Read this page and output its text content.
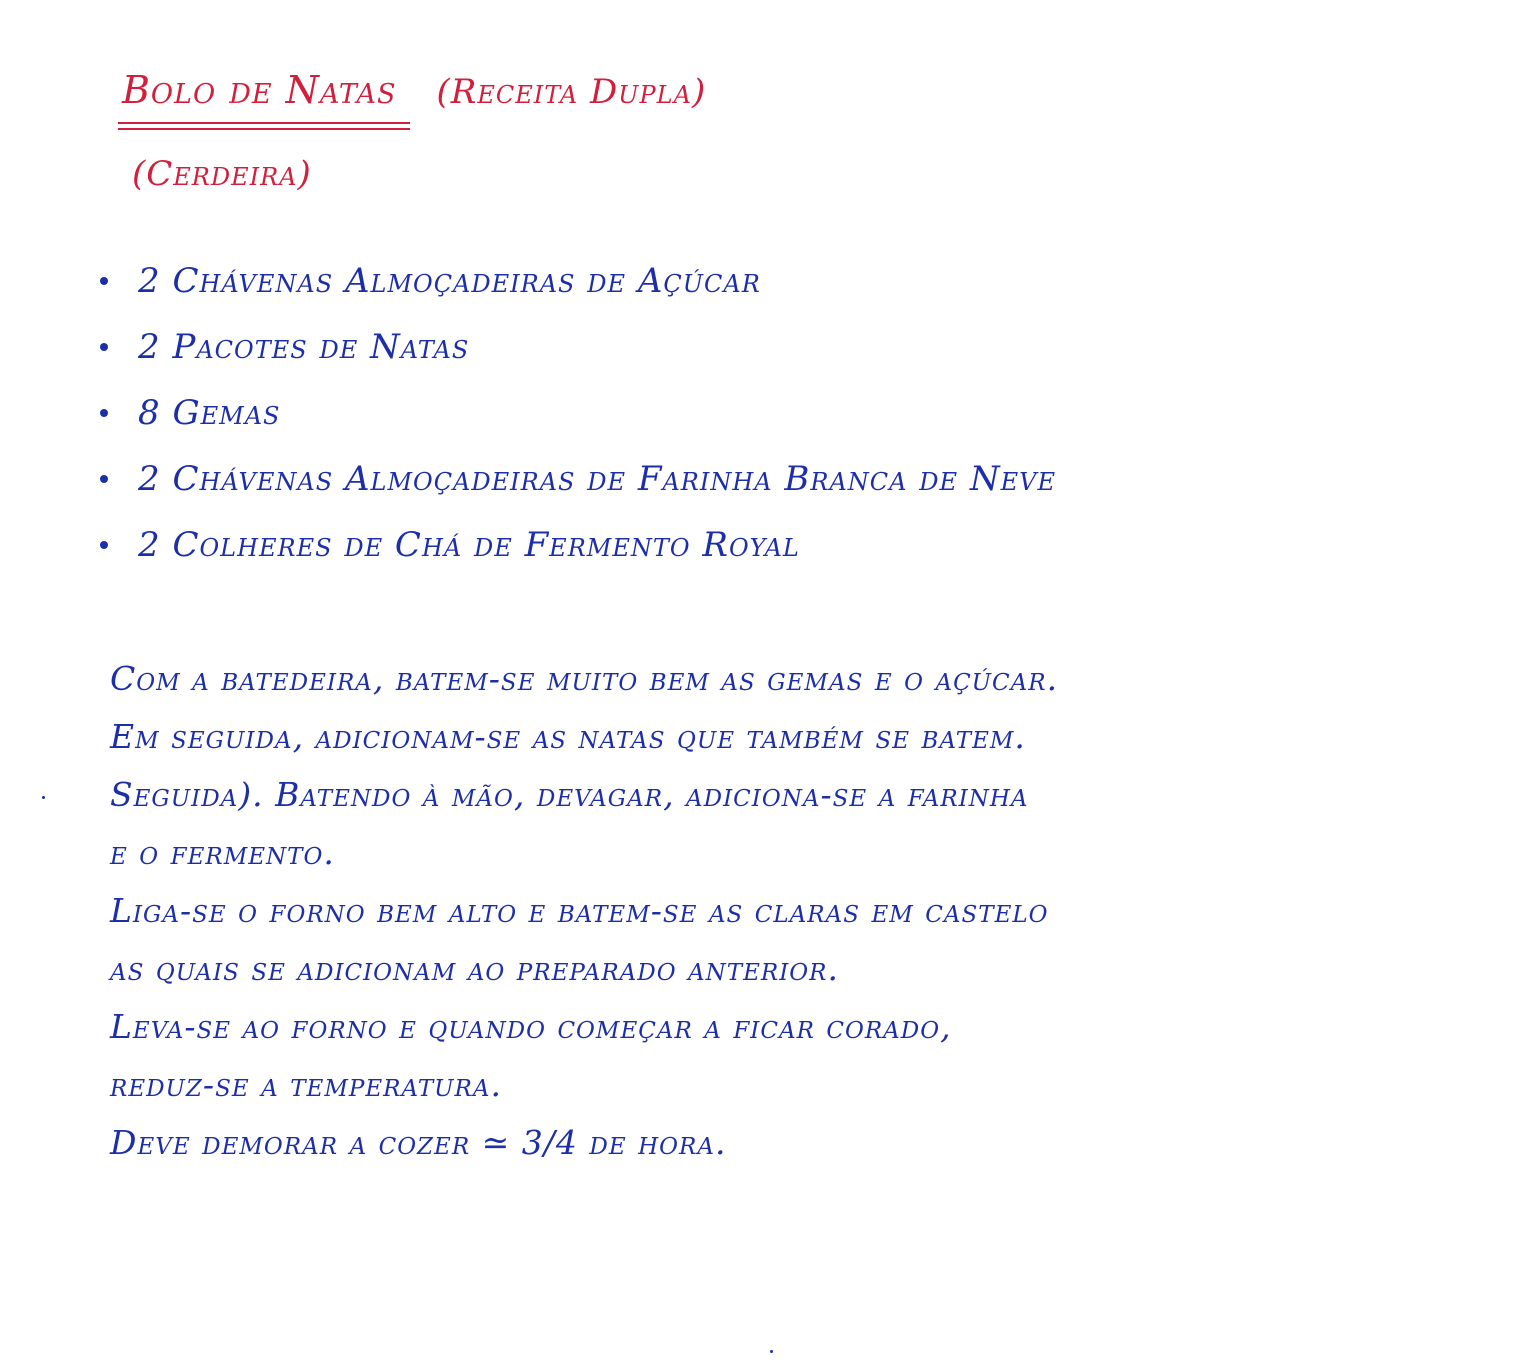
Bolo de Natas (Receita Dupla)
(Cerdeira)
2 Chávenas Almoçadeiras de Açúcar
2 Pacotes de Natas
8 Gemas
2 Chávenas Almoçadeiras de Farinha Branca de Neve
2 Colheres de Chá de Fermento Royal
Com a batedeira, batem-se muito bem as gemas e o açúcar.
Em seguida, adicionam-se as natas que também se batem.
Seguida). Batendo à mão, devagar, adiciona-se a farinha
e o fermento.
Liga-se o forno bem alto e batem-se as claras em castelo
as quais se adicionam ao preparado anterior.
Leva-se ao forno e quando começar a ficar corado,
reduz-se a temperatura.
Deve demorar a cozer ≃ 3/4 de hora.
